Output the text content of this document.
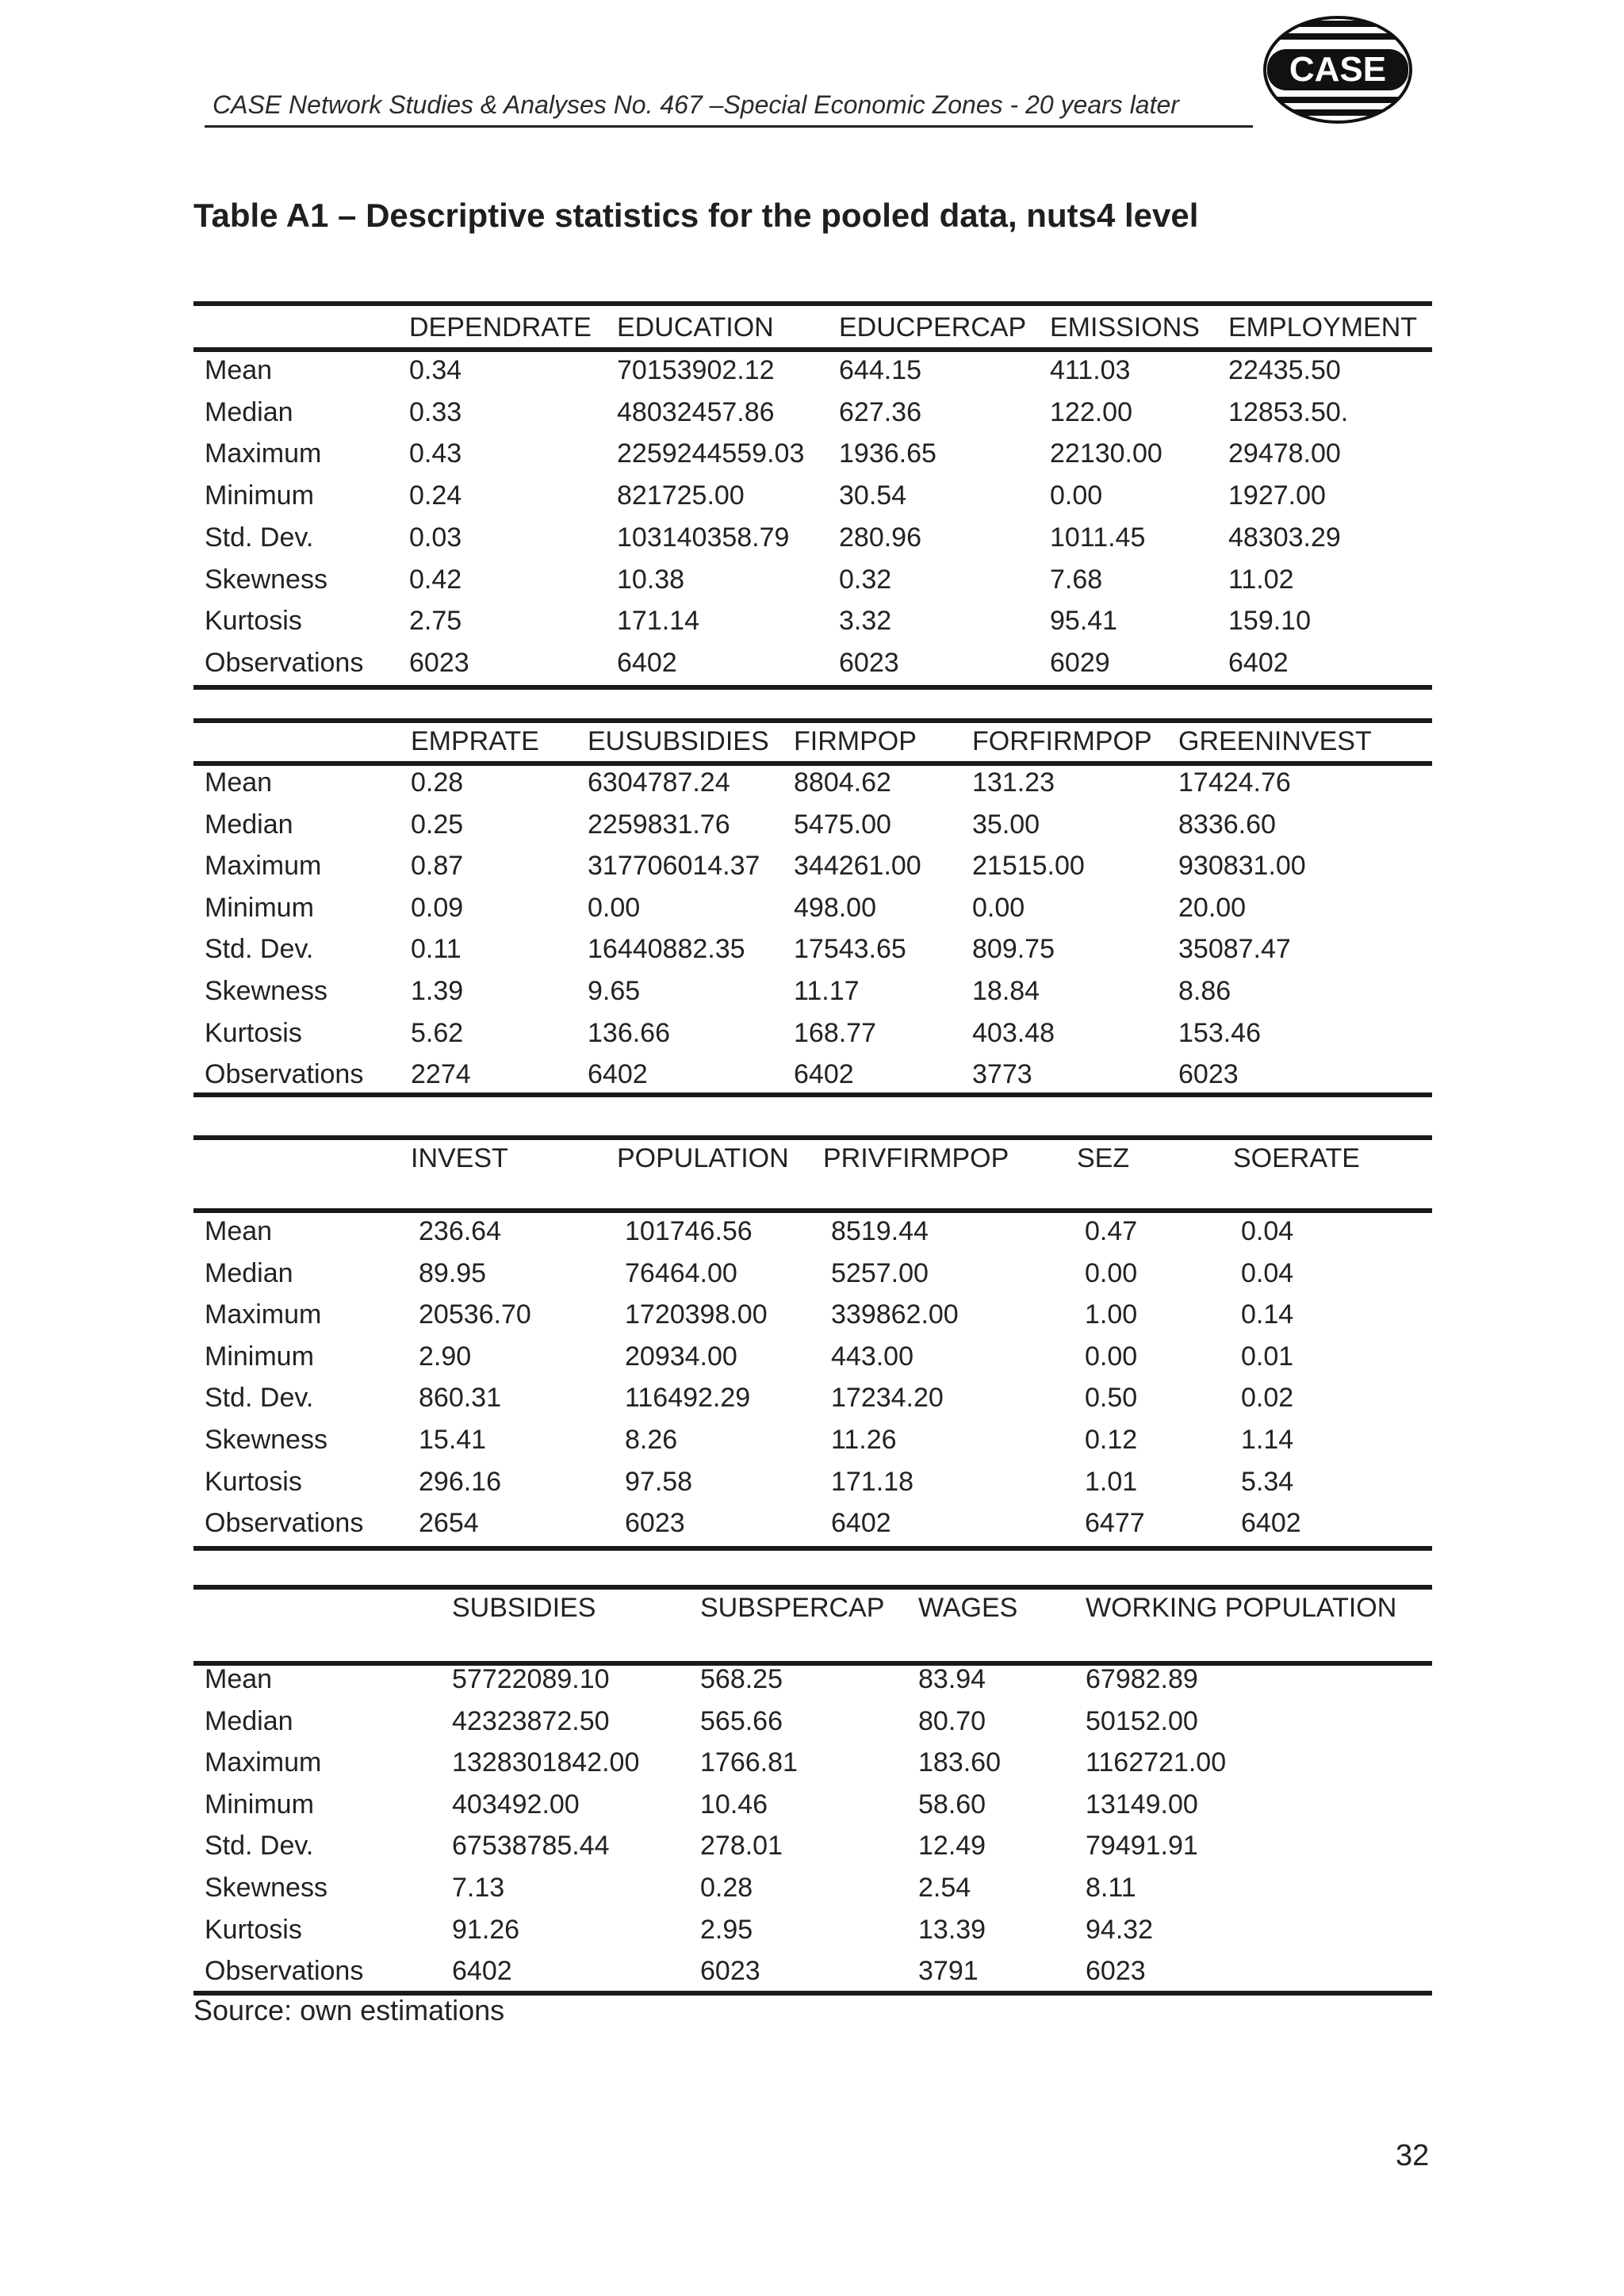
CASE Network Studies & Analyses No. 467 –Special Economic Zones - 20 years later
CASE
Table A1 – Descriptive statistics for the pooled data, nuts4 level
DEPENDRATE EDUCATION EDUCPERCAP EMISSIONS EMPLOYMENT
Mean	0.34	70153902.12 644.15	411.03	22435.50
Median	0.33	48032457.86 627.36	122.00	12853.50.
Maximum	0.43	2259244559.03 1936.65	22130.00 29478.00
Minimum	0.24	821725.00	30.54	0.00	1927.00
Std. Dev.	0.03	103140358.79 280.96	1011.45	48303.29
Skewness	0.42	10.38	0.32	7.68	11.02
Kurtosis	2.75	171.14	3.32	95.41	159.10
Observations 6023	6402	6023	6029	6402
EMPRATE EUSUBSIDIES FIRMPOP FORFIRMPOP GREENINVEST
Mean	0.28	6304787.24 8804.62	131.23	17424.76
Median	0.25	2259831.76 5475.00	35.00	8336.60
Maximum	0.87	317706014.37 344261.00 21515.00	930831.00
Minimum	0.09	0.00	498.00	0.00	20.00
Std. Dev.	0.11	16440882.35 17543.65 809.75	35087.47
Skewness	1.39	9.65	11.17	18.84	8.86
Kurtosis	5.62	136.66	168.77	403.48	153.46
Observations 2274	6402	6402	3773	6023
INVEST	POPULATION PRIVFIRMPOP	SEZ	SOERATE
Mean	236.64	101746.56	8519.44	0.47	0.04
Median	89.95	76464.00	5257.00	0.00	0.04
Maximum	20536.70	1720398.00 339862.00	1.00	0.14
Minimum	2.90	20934.00	443.00	0.00	0.01
Std. Dev.	860.31	116492.29	17234.20	0.50	0.02
Skewness	15.41	8.26	11.26	0.12	1.14
Kurtosis	296.16	97.58	171.18	1.01	5.34
Observations 2654	6023	6402	6477	6402
SUBSIDIES	SUBSPERCAP WAGES	WORKING POPULATION
Mean	57722089.10	568.25	83.94	67982.89
Median	42323872.50	565.66	80.70	50152.00
Maximum	1328301842.00 1766.81	183.60	1162721.00
Minimum	403492.00	10.46	58.60	13149.00
Std. Dev.	67538785.44	278.01	12.49	79491.91
Skewness	7.13	0.28	2.54	8.11
Kurtosis	91.26	2.95	13.39	94.32
Observations	6402	6023	3791	6023
Source: own estimations
32
